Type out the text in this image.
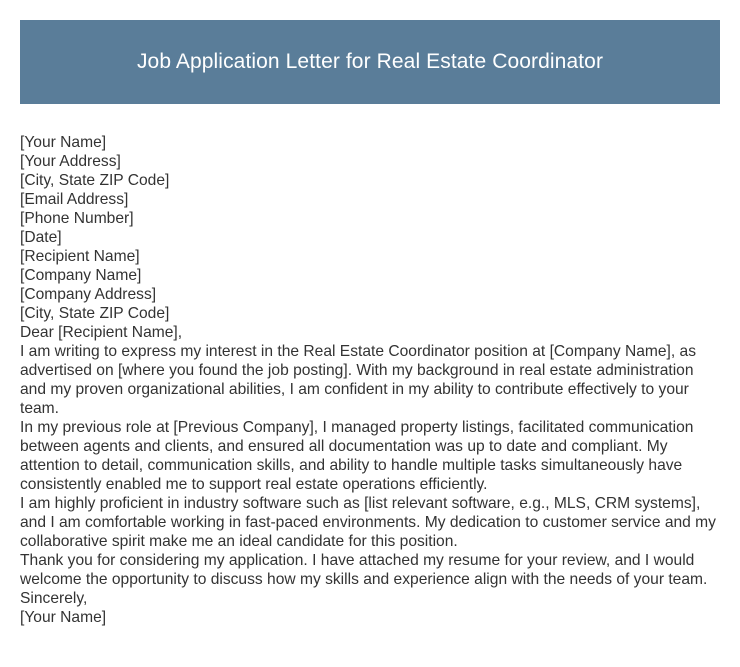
Job Application Letter for Real Estate Coordinator
[Your Name]
[Your Address]
[City, State ZIP Code]
[Email Address]
[Phone Number]
[Date]
[Recipient Name]
[Company Name]
[Company Address]
[City, State ZIP Code]
Dear [Recipient Name],

I am writing to express my interest in the Real Estate Coordinator position at [Company Name], as advertised on [where you found the job posting]. With my background in real estate administration and my proven organizational abilities, I am confident in my ability to contribute effectively to your team.

In my previous role at [Previous Company], I managed property listings, facilitated communication between agents and clients, and ensured all documentation was up to date and compliant. My attention to detail, communication skills, and ability to handle multiple tasks simultaneously have consistently enabled me to support real estate operations efficiently.

I am highly proficient in industry software such as [list relevant software, e.g., MLS, CRM systems], and I am comfortable working in fast-paced environments. My dedication to customer service and my collaborative spirit make me an ideal candidate for this position.

Thank you for considering my application. I have attached my resume for your review, and I would welcome the opportunity to discuss how my skills and experience align with the needs of your team.

Sincerely,
[Your Name]
